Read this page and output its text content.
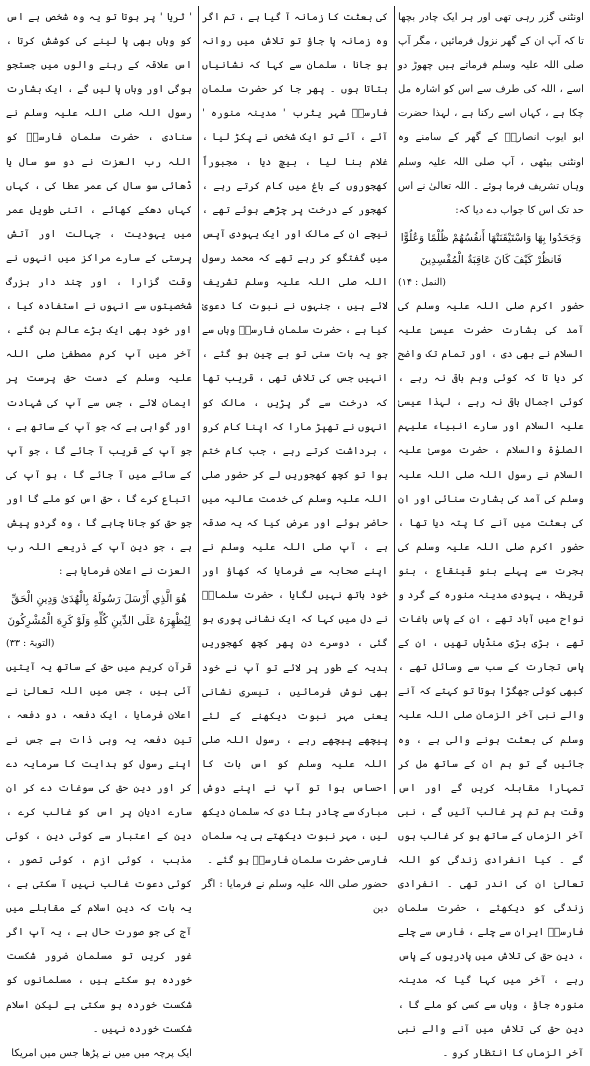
اونٹنی گزر رہی تھی اور ہر ایک چادر بچھا تا کہ آپ ان کے گھر نزول فرمائیں ، مگر آپ صلی اللہ علیہ وسلم فرماتے ہیں چھوڑ دو اسے ، اللہ کی طرف سے اس کو اشارہ مل چکا ہے ، کہاں اسے رکنا ہے ، لہذا حضرت ابو ایوب انصاریؓ کے گھر کے سامنے وہ اونٹنی بیٹھی ، آپ صلی اللہ علیہ وسلم وہاں تشریف فرما ہوئے ۔ اللہ تعالیٰ نے اس حد تک اس کا جواب دے دیا کہ:

وَجَحَدُوا بِهَا وَاسْتَيْقَنَتْهَا أَنفُسُهُمْ ظُلْمًا وَعُلُوًّا فَانظُرْ كَيْفَ كَانَ عَاقِبَةُ الْمُفْسِدِينَ

(النمل : ۱۴)

حضور اکرم صلی اللہ علیہ وسلم کی آمد کی بشارت حضرت عیسیٰ علیہ السلام نے بھی دی ، اور تمام تک واضح کر دیا تا کہ کوئی وہم باقی نہ رہے ، کوئی اجمال باقی نہ رہے ، لہذا عیسیٰ علیہ السلام اور سارے انبیاء علیہم الصلوٰۃ والسلام ، حضرت موسیٰ علیہ السلام نے رسول اللہ صلی اللہ علیہ وسلم کی آمد کی بشارت سنائی اور ان کی بعثت میں آنے کا پتہ دیا تھا ، حضور اکرم صلی اللہ علیہ وسلم کی ہجرت سے پہلے بنو قینقاع ، بنو قریظہ ، یہودی مدینہ منورہ کے گرد و نواح میں آباد تھے ، ان کے پاس باغات تھے ، بڑی بڑی منڈیاں تھیں ، ان کے پاس تجارت کے سب سے وسائل تھے ، کبھی کوئی جھگڑا ہوتا تو کہتے کہ آنے والے نبی آخر الزمان صلی اللہ علیہ وسلم کی بعثت ہونے والی ہے ، وہ جائیں گے تو ہم ان کے ساتھ مل کر تمہارا مقابلہ کریں گے اور اس وقت ہم تم پر غالب آئیں گے ، نبی آخر الزماں کے ساتھ ہو کر غالب ہوں گے ۔ کیا انفرادی زندگی کو اللہ تعالیٰ ان کی اندر تھی ۔ انفرادی زندگی کو دیکھئے ، حضرت سلمان فارسیؓ ایران سے چلے ، فارس سے چلے ، دین حق کی تلاش میں پادریوں کے پاس رہے ، آخر میں کہا گیا کہ مدینہ منورہ جاؤ ، وہاں سے کسی کو ملے گا ، دین حق کی تلاش میں آنے والے نبی آخر الزماں کا انتظار کرو ۔

کی بعثت کا زمانہ آ گیا ہے ، تم اگر وہ زمانہ پا جاؤ تو تلاش میں روانہ ہو جانا ، سلمان سے کہا کہ نشانیاں بتاتا ہوں ۔ پھر جا کر حضرت سلمان فارسیؓ شہر یثرب ' مدینہ منورہ ' آئے ، آئے تو ایک شخص نے پکڑ لیا ، غلام بنا لیا ، بیچ دیا ، مجبوراً کھجوروں کے باغ میں کام کرتے رہے ، کھجور کے درخت پر چڑھے ہوئے تھے ، نیچے ان کے مالک اور ایک یہودی آپس میں گفتگو کر رہے تھے کہ محمد رسول اللہ صلی اللہ علیہ وسلم تشریف لائے ہیں ، جنہوں نے نبوت کا دعویٰ کیا ہے ، حضرت سلمان فارسیؓ وہاں سے جو یہ بات سنی تو بے چین ہو گئے ، انہیں جس کی تلاش تھی ، قریب تھا کہ درخت سے گر پڑیں ، مالک کو انہوں نے تھپڑ مارا کہ اپنا کام کرو ، برداشت کرتے رہے ، جب کام ختم ہوا تو کچھ کھجوریں لے کر حضور صلی اللہ علیہ وسلم کی خدمت عالیہ میں حاضر ہوئے اور عرض کیا کہ یہ صدقہ ہے ، آپ صلی اللہ علیہ وسلم نے اپنے صحابہ سے فرمایا کہ کھاؤ اور خود ہاتھ نہیں لگایا ، حضرت سلمانؓ نے دل میں کہا کہ ایک نشانی پوری ہو گئی ، دوسرے دن پھر کچھ کھجوریں ہدیہ کے طور پر لائے تو آپ نے خود بھی نوش فرمائیں ، تیسری نشانی یعنی مہر نبوت دیکھنے کے لئے پیچھے پیچھے رہے ، رسول اللہ صلی اللہ علیہ وسلم کو اس بات کا احساس ہوا تو آپ نے اپنے دوش مبارک سے چادر ہٹا دی کہ سلمان دیکھ لیں ، مہر نبوت دیکھتے ہی یہ سلمان فارسی حضرت سلمان فارسیؓ ہو گئے ۔

حضور صلی اللہ علیہ وسلم نے فرمایا : اگر دین

' ثریا ' پر ہوتا تو یہ وہ شخص ہے اس کو وہاں بھی پا لینے کی کوشش کرتا ، اس علاقہ کے رہنے والوں میں جستجو ہوگی اور وہاں پا لیں گے ، ایک بشارت رسول اللہ صلی اللہ علیہ وسلم نے سنادی ، حضرت سلمان فارسیؓ کو اللہ رب العزت نے دو سو سال یا ڈھائی سو سال کی عمر عطا کی ، کہاں کہاں دھکے کھائے ، اتنی طویل عمر میں یہودیت ، جہالت اور آتش پرستی کے سارے مراکز میں انہوں نے وقت گزارا ، اور چند دار بزرگ شخصیتوں سے انہوں نے استفادہ کیا ، اور خود بھی ایک بڑے عالم بن گئے ، آخر میں آپ کرم مصطفیٰ صلی اللہ علیہ وسلم کے دست حق پرست پر ایمان لائے ، جس سے آپ کی شہادت اور گواہی ہے کہ جو آپ کے ساتھ ہے ، جو آپ کے قریب آ جائے گا ، جو آپ کے سائے میں آ جائے گا ، ہو آپ کی اتباع کرے گا ، حق اس کو ملے گا اور جو حق کو جانا چاہے گا ، وہ گردو پیش ہے ، جو دین آپ کے ذریعے اللہ رب العزت نے اعلان فرمایا ہے :

هُوَ الَّذِي أَرْسَلَ رَسُولَهُ بِالْهُدَىٰ وَدِينِ الْحَقِّ لِيُظْهِرَهُ عَلَى الدِّينِ كُلِّهِ وَلَوْ كَرِهَ الْمُشْرِكُونَ

(التوبۃ : ۳۳)

قرآن کریم میں حق کے ساتھ یہ آیتیں آئی ہیں ، جس میں اللہ تعالیٰ نے اعلان فرمایا ، ایک دفعہ ، دو دفعہ ، تین دفعہ یہ وہی ذات ہے جس نے اپنے رسول کو ہدایت کا سرمایہ دے کر اور دین حق کی سوغات دے کر ان سارے ادیان پر اس کو غالب کرے ، دین کے اعتبار سے کوئی دین ، کوئی مذہب ، کوئی ازم ، کوئی تصور ، کوئی دعوت غالب نہیں آ سکتی ہے ، یہ بات کہ دین اسلام کے مقابلے میں آج کی جو صورت حال ہے ، یہ آپ اگر غور کریں تو مسلمان ضرور شکست خوردہ ہو سکتے ہیں ، مسلمانوں کو شکست خوردہ ہو سکتی ہے لیکن اسلام شکست خوردہ نہیں ۔

ایک پرچہ میں میں نے پڑھا جس میں امریکا
